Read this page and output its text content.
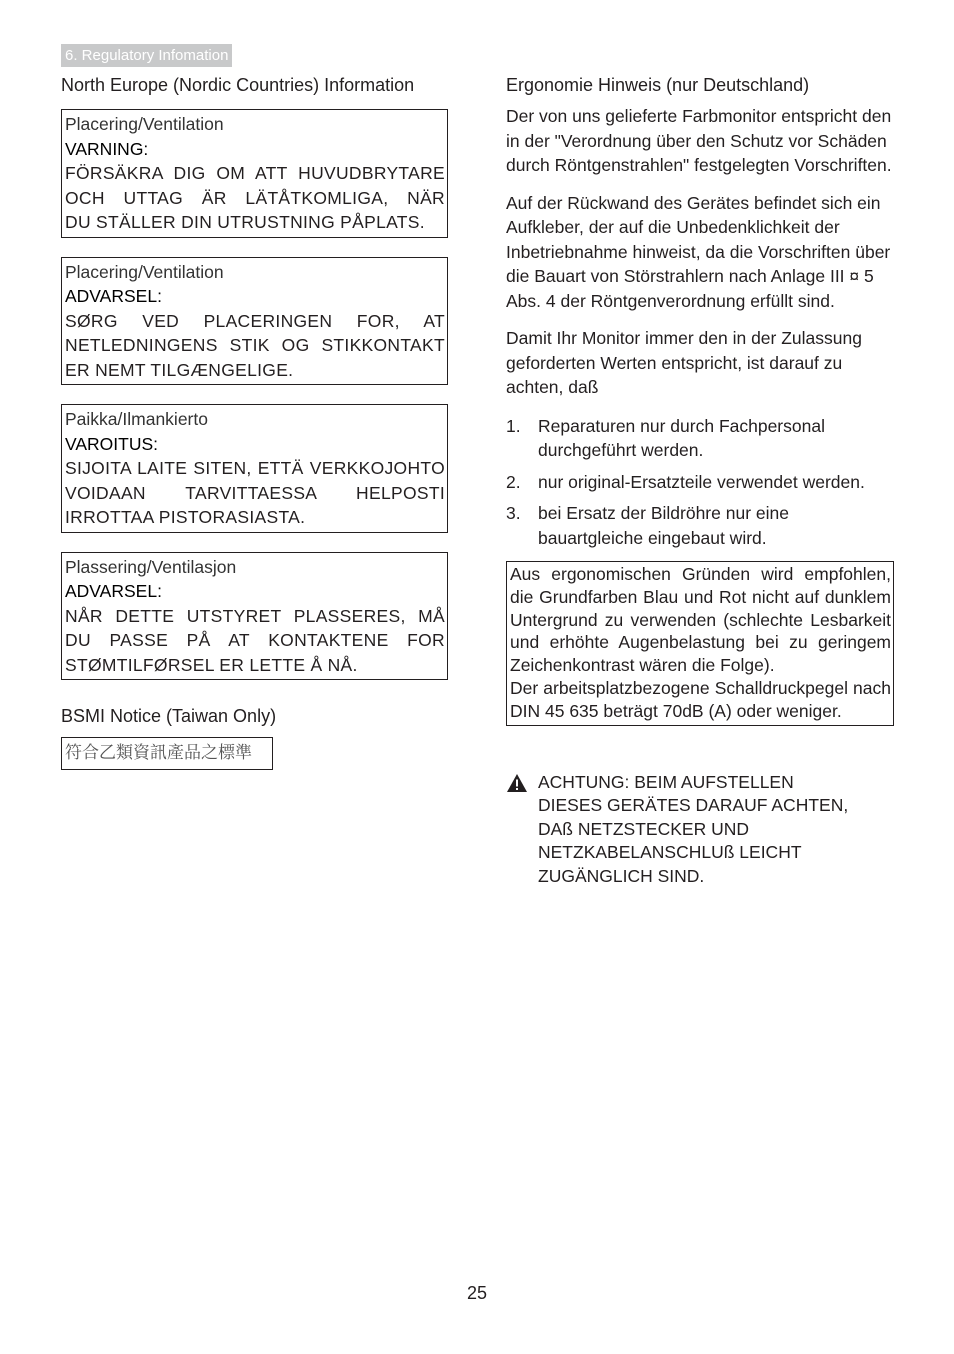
6. Regulatory Infomation
North Europe (Nordic Countries) Information
Placering/Ventilation
VARNING:
FÖRSÄKRA DIG OM ATT HUVUDBRYTARE
OCH UTTAG ÄR LÄTÅTKOMLIGA, NÄR
DU STÄLLER DIN UTRUSTNING PÅPLATS.
Placering/Ventilation
ADVARSEL:
SØRG VED PLACERINGEN FOR, AT
NETLEDNINGENS STIK OG STIKKONTAKT
ER NEMT TILGÆNGELIGE.
Paikka/Ilmankierto
VAROITUS:
SIJOITA LAITE SITEN, ETTÄ VERKKOJOHTO
VOIDAAN TARVITTAESSA HELPOSTI
IRROTTAA PISTORASIASTA.
Plassering/Ventilasjon
ADVARSEL:
NÅR DETTE UTSTYRET PLASSERES, MÅ
DU PASSE PÅ AT KONTAKTENE FOR
STØMTILFØRSEL ER LETTE Å NÅ.
BSMI Notice (Taiwan Only)
符合乙類資訊產品之標準
Ergonomie Hinweis (nur Deutschland)

Der von uns gelieferte Farbmonitor entspricht den in der "Verordnung über den Schutz vor Schäden durch Röntgenstrahlen" festgelegten Vorschriften.

Auf der Rückwand des Gerätes befindet sich ein Aufkleber, der auf die Unbedenklichkeit der Inbetriebnahme hinweist, da die Vorschriften über die Bauart von Störstrahlern nach Anlage III ¤ 5 Abs. 4 der Röntgenverordnung erfüllt sind.

Damit Ihr Monitor immer den in der Zulassung geforderten Werten entspricht, ist darauf zu achten, daß

1. Reparaturen nur durch Fachpersonal durchgeführt werden.
2. nur original-Ersatzteile verwendet werden.
3. bei Ersatz der Bildröhre nur eine bauartgleiche eingebaut wird.
Aus ergonomischen Gründen wird empfohlen, die Grundfarben Blau und Rot nicht auf dunklem Untergrund zu verwenden (schlechte Lesbarkeit und erhöhte Augenbelastung bei zu geringem Zeichenkontrast wären die Folge).
Der arbeitsplatzbezogene Schalldruckpegel nach DIN 45 635 beträgt 70dB (A) oder weniger.
ACHTUNG: BEIM AUFSTELLEN DIESES GERÄTES DARAUF ACHTEN, DAß NETZSTECKER UND NETZKABELANSCHLUß LEICHT ZUGÄNGLICH SIND.
25
